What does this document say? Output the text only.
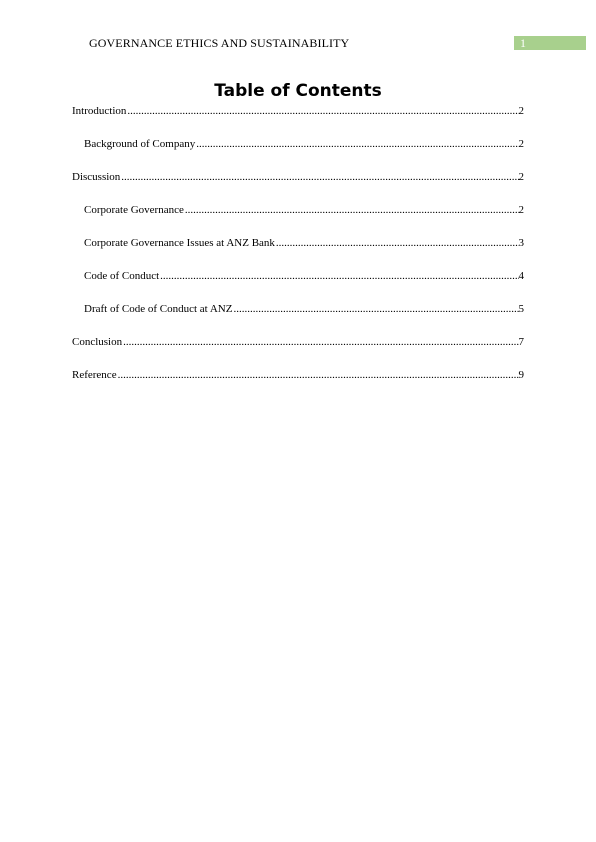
GOVERNANCE ETHICS AND SUSTAINABILITY	1
Table of Contents
Introduction .....	2
Background of Company .....	2
Discussion .....	2
Corporate Governance .....	2
Corporate Governance Issues at ANZ Bank .....	3
Code of Conduct .....	4
Draft of Code of Conduct at ANZ .....	5
Conclusion .....	7
Reference .....	9
